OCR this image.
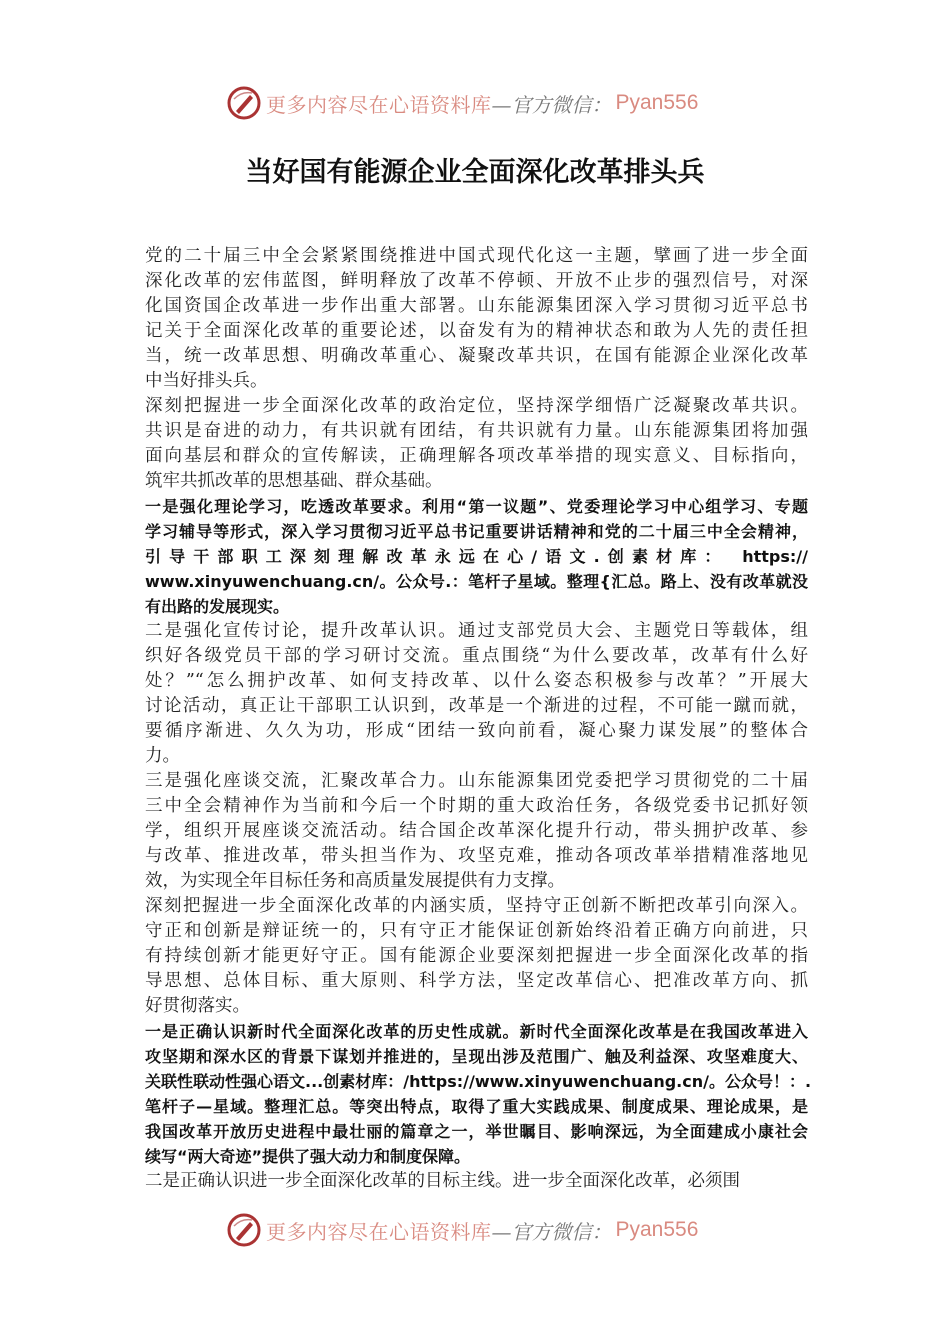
更多内容尽在心语资料库 —官方微信： Pyan556
当好国有能源企业全面深化改革排头兵
党的二十届三中全会紧紧围绕推进中国式现代化这一主题，擘画了进一步全面
深化改革的宏伟蓝图，鲜明释放了改革不停顿、开放不止步的强烈信号，对深
化国资国企改革进一步作出重大部署。山东能源集团深入学习贯彻习近平总书
记关于全面深化改革的重要论述，以奋发有为的精神状态和敢为人先的责任担
当，统一改革思想、明确改革重心、凝聚改革共识，在国有能源企业深化改革
中当好排头兵。
深刻把握进一步全面深化改革的政治定位，坚持深学细悟广泛凝聚改革共识。
共识是奋进的动力，有共识就有团结，有共识就有力量。山东能源集团将加强
面向基层和群众的宣传解读，正确理解各项改革举措的现实意义、目标指向，
筑牢共抓改革的思想基础、群众基础。
一是强化理论学习，吃透改革要求。利用“第一议题”、党委理论学习中心组学习、专题
学习辅导等形式，深入学习贯彻习近平总书记重要讲话精神和党的二十届三中全会精神，
引导干部职工深刻理解改革永远在心/语文.创素材库： https://
www.xinyuwenchuang.cn/。公众号.：笔杆子星域。整理{汇总。路上、没有改革就没
有出路的发展现实。
二是强化宣传讨论，提升改革认识。通过支部党员大会、主题党日等载体，组
织好各级党员干部的学习研讨交流。重点围绕“为什么要改革，改革有什么好
处？”“怎么拥护改革、如何支持改革、以什么姿态积极参与改革？”开展大
讨论活动，真正让干部职工认识到，改革是一个渐进的过程，不可能一蹴而就，
要循序渐进、久久为功，形成“团结一致向前看，凝心聚力谋发展”的整体合
力。
三是强化座谈交流，汇聚改革合力。山东能源集团党委把学习贯彻党的二十届
三中全会精神作为当前和今后一个时期的重大政治任务，各级党委书记抓好领
学，组织开展座谈交流活动。结合国企改革深化提升行动，带头拥护改革、参
与改革、推进改革，带头担当作为、攻坚克难，推动各项改革举措精准落地见
效，为实现全年目标任务和高质量发展提供有力支撑。
深刻把握进一步全面深化改革的内涵实质，坚持守正创新不断把改革引向深入。
守正和创新是辩证统一的，只有守正才能保证创新始终沿着正确方向前进，只
有持续创新才能更好守正。国有能源企业要深刻把握进一步全面深化改革的指
导思想、总体目标、重大原则、科学方法，坚定改革信心、把准改革方向、抓
好贯彻落实。
一是正确认识新时代全面深化改革的历史性成就。新时代全面深化改革是在我国改革进入
攻坚期和深水区的背景下谋划并推进的，呈现出涉及范围广、触及利益深、攻坚难度大、
关联性联动性强心语文...创素材库：/https://www.xinyuwenchuang.cn/。公众号！：.
笔杆子—星域。整理汇总。等突出特点，取得了重大实践成果、制度成果、理论成果，是
我国改革开放历史进程中最壮丽的篇章之一，举世瞩目、影响深远，为全面建成小康社会
续写“两大奇迹”提供了强大动力和制度保障。
二是正确认识进一步全面深化改革的目标主线。进一步全面深化改革，必须围
更多内容尽在心语资料库 —官方微信： Pyan556
